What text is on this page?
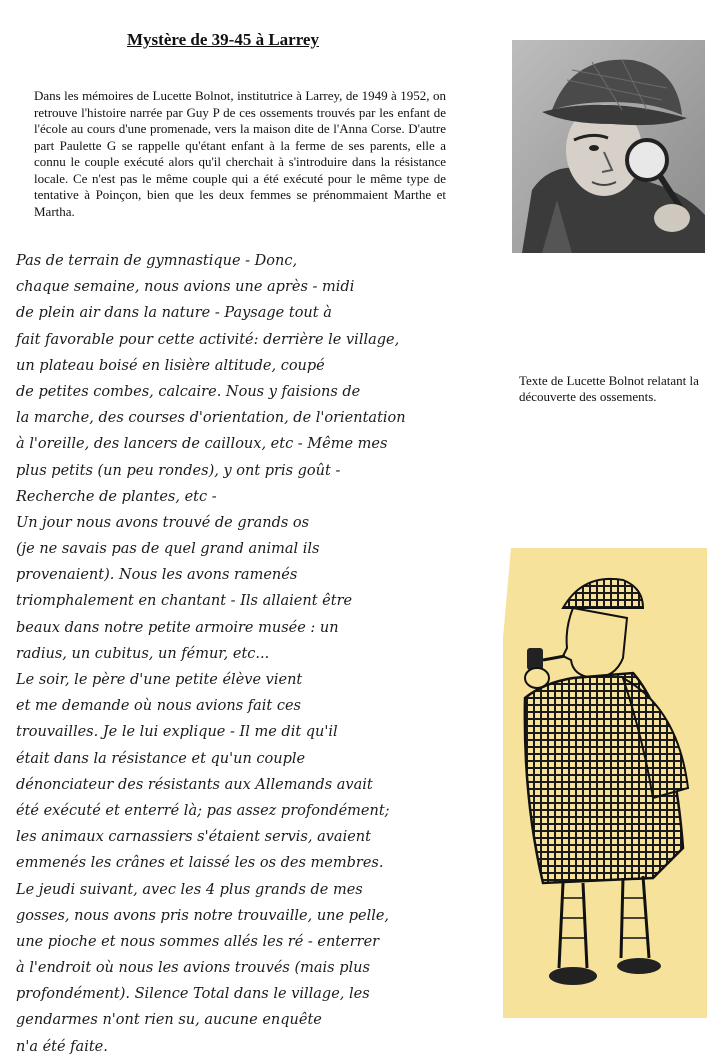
Mystère de 39-45 à Larrey
Dans les mémoires de Lucette Bolnot, institutrice à Larrey, de 1949 à 1952, on retrouve l'histoire narrée par Guy P de ces ossements trouvés par les enfant de l'école au cours d'une promenade, vers la maison dite de l'Anna Corse. D'autre part Paulette G se rappelle qu'étant enfant à la ferme de ses parents, elle a connu le couple exécuté alors qu'il cherchait à s'introduire dans la résistance locale. Ce n'est pas le même couple qui a été exécuté pour le même type de tentative à Poinçon, bien que les deux femmes se prénommaient Marthe et Martha.
Texte de Lucette Bolnot relatant la découverte des ossements.
Pas de terrain de gymnastique - Donc,
chaque semaine, nous avions une après - midi
de plein air dans la nature - Paysage tout à
fait favorable pour cette activité: derrière le village,
un plateau boisé en lisière altitude, coupé
de petites combes, calcaire. Nous y faisions de
la marche, des courses d'orientation, de l'orientation
à l'oreille, des lancers de cailloux, etc - Même mes
plus petits (un peu rondes), y ont pris goût -
Recherche de plantes, etc -
Un jour nous avons trouvé de grands os
(je ne savais pas de quel grand animal ils
provenaient). Nous les avons ramenés
triomphalement en chantant - Ils allaient être
beaux dans notre petite armoire musée : un
radius, un cubitus, un fémur, etc...
Le soir, le père d'une petite élève vient
et me demande où nous avions fait ces
trouvailles. Je le lui explique - Il me dit qu'il
était dans la résistance et qu'un couple
dénonciateur des résistants aux Allemands avait
été exécuté et enterré là; pas assez profondément;
les animaux carnassiers s'étaient servis, avaient
emmenés les crânes et laissé les os des membres.
Le jeudi suivant, avec les 4 plus grands de mes
gosses, nous avons pris notre trouvaille, une pelle,
une pioche et nous sommes allés les ré - enterrer
à l'endroit où nous les avions trouvés (mais plus
profondément). Silence Total dans le village, les
gendarmes n'ont rien su, aucune enquête
n'a été faite.
